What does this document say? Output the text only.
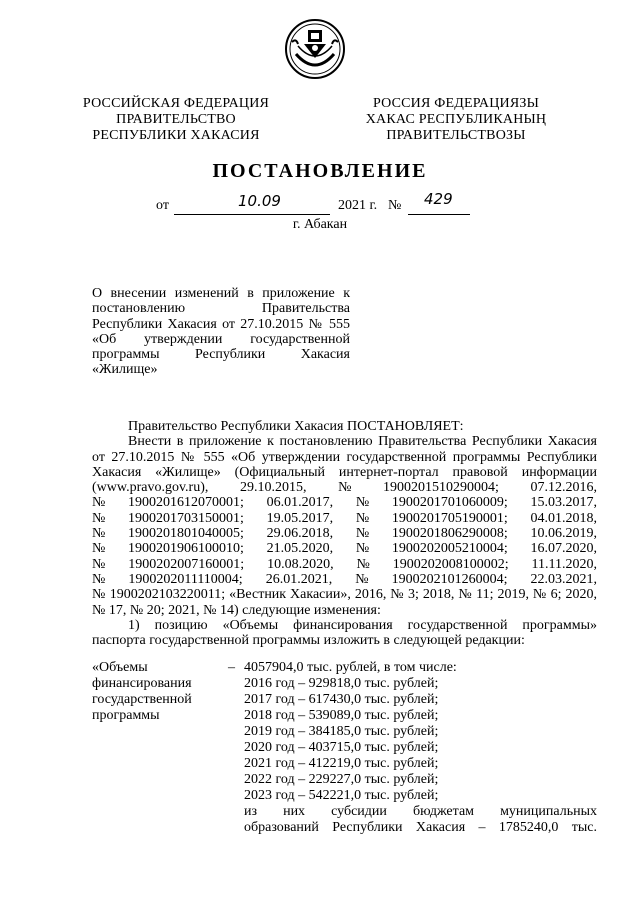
РОССИЙСКАЯ ФЕДЕРАЦИЯ
ПРАВИТЕЛЬСТВО
РЕСПУБЛИКИ ХАКАСИЯ
РОССИЯ ФЕДЕРАЦИЯЗЫ
ХАКАС РЕСПУБЛИКАНЫҢ
ПРАВИТЕЛЬСТВОЗЫ
ПОСТАНОВЛЕНИЕ
от	10.09	2021 г. № 429
г. Абакан
О внесении изменений в приложение к постановлению Правительства Республики Хакасия от 27.10.2015 № 555 «Об утверждении государственной программы Республики Хакасия «Жилище»

Правительство Республики Хакасия ПОСТАНОВЛЯЕТ:

Внести в приложение к постановлению Правительства Республики Хакасия

от 27.10.2015 № 555 «Об утверждении государственной программы Республики

Хакасия «Жилище» (Официальный интернет-портал правовой информации

(www.pravo.gov.ru), 29.10.2015, № 1900201510290004; 07.12.2016,
№ 1900201612070001; 06.01.2017, № 1900201701060009; 15.03.2017,
№ 1900201703150001; 19.05.2017, № 1900201705190001; 04.01.2018,
№ 1900201801040005; 29.06.2018, № 1900201806290008; 10.06.2019,
№ 1900201906100010; 21.05.2020, № 1900202005210004; 16.07.2020,
№ 1900202007160001; 10.08.2020, № 1900202008100002; 11.11.2020,
№ 1900202011110004; 26.01.2021, № 1900202101260004; 22.03.2021,

№ 1900202103220011; «Вестник Хакасии», 2016, № 3; 2018, № 11; 2019, № 6; 2020,

№ 17, № 20; 2021, № 14) следующие изменения:

1) позицию «Объемы финансирования государственной программы»

паспорта государственной программы изложить в следующей редакции:

«Объемы
финансирования
государственной
программы
– 4057904,0 тыс. рублей, в том числе:
2016 год – 929818,0 тыс. рублей;
2017 год – 617430,0 тыс. рублей;
2018 год – 539089,0 тыс. рублей;
2019 год – 384185,0 тыс. рублей;
2020 год – 403715,0 тыс. рублей;
2021 год – 412219,0 тыс. рублей;
2022 год – 229227,0 тыс. рублей;
2023 год – 542221,0 тыс. рублей;
из них субсидии бюджетам муниципальных
образований Республики Хакасия – 1785240,0 тыс.
